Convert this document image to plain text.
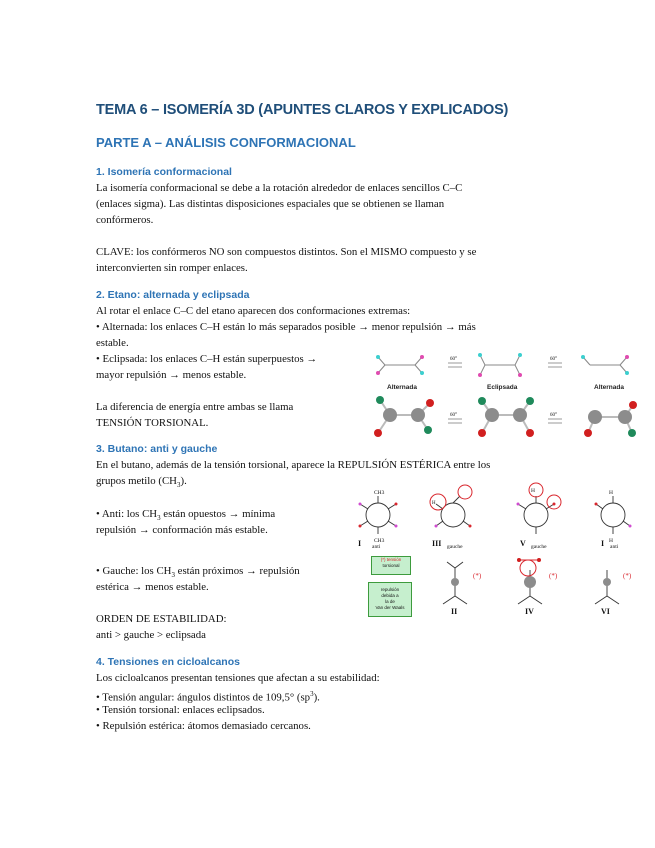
TEMA 6 – ISOMERÍA 3D (APUNTES CLAROS Y EXPLICADOS)
PARTE A – ANÁLISIS CONFORMACIONAL
1. Isomería conformacional
La isomería conformacional se debe a la rotación alrededor de enlaces sencillos C–C
(enlaces sigma). Las distintas disposiciones espaciales que se obtienen se llaman
confórmeros.
CLAVE: los confórmeros NO son compuestos distintos. Son el MISMO compuesto y se
interconvierten sin romper enlaces.
2. Etano: alternada y eclipsada
Al rotar el enlace C–C del etano aparecen dos conformaciones extremas:
• Alternada: los enlaces C–H están lo más separados posible → menor repulsión → más
estable.
• Eclipsada: los enlaces C–H están superpuestos →
mayor repulsión → menos estable.
La diferencia de energía entre ambas se llama
TENSIÓN TORSIONAL.
60°	60°
Alternada	Eclipsada	Alternada
60°	60°
3. Butano: anti y gauche
En el butano, además de la tensión torsional, aparece la REPULSIÓN ESTÉRICA entre los
grupos metilo $(CH_3)$.
• Anti: los $CH_3$ están opuestos → mínima
repulsión → conformación más estable.
• Gauche: los $CH_3$ están próximos → repulsión
estérica → menos estable.
ORDEN DE ESTABILIDAD:
anti > gauche > eclipsada
CH3
CH3
H
H	H
H
I anti	III gauche	V gauche	I anti
(*) tensión
torsional
repulsión
debida a
la de
Van der Waals
(*)	(*)	(*)
II	IV	VI
4. Tensiones en cicloalcanos
Los cicloalcanos presentan tensiones que afectan a su estabilidad:
• Tensión angular: ángulos distintos de 109,5° $(sp^3)$.
• Tensión torsional: enlaces eclipsados.
• Repulsión estérica: átomos demasiado cercanos.
